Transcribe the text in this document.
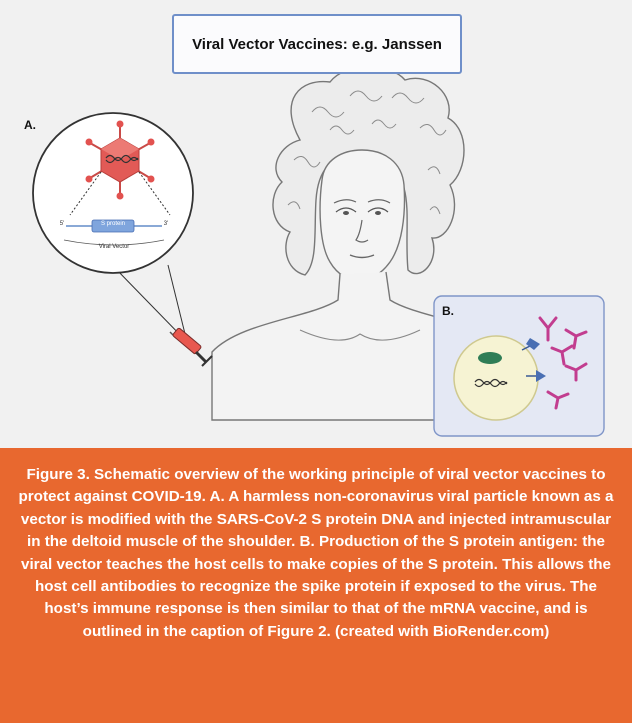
Viral Vector Vaccines: e.g. Janssen
A.
B.
S protein
5'	3'
Viral Vector
Figure 3. Schematic overview of the working principle of viral vector vaccines to protect against COVID-19. A. A harmless non-coronavirus viral particle known as a vector is modified with the SARS-CoV-2 S protein DNA and injected intramuscular in the deltoid muscle of the shoulder. B. Production of the S protein antigen: the viral vector teaches the host cells to make copies of the S protein. This allows the host cell antibodies to recognize the spike protein if exposed to the virus. The host’s immune response is then similar to that of the mRNA vaccine, and is outlined in the caption of Figure 2. (created with BioRender.com)
